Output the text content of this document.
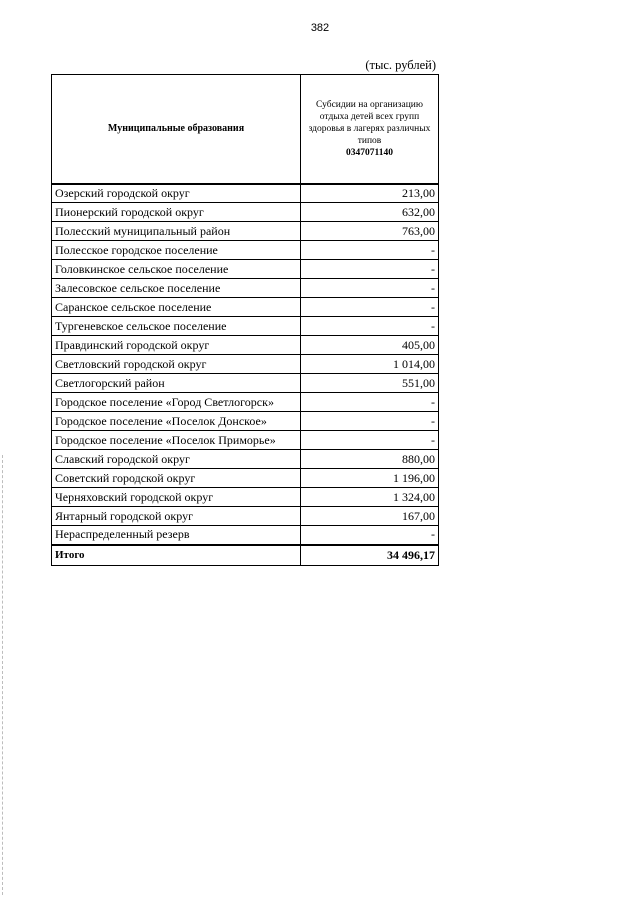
382
(тыс. рублей)
Муниципальные образования	Субсидии на организацию отдыха детей всех групп здоровья в лагерях различных типов
0347071140

Озерский городской округ	213,00
Пионерский городской округ	632,00
Полесский муниципальный район	763,00
Полесское городское поселение	-
Головкинское сельское поселение	-
Залесовское сельское поселение	-
Саранское сельское поселение	-
Тургеневское сельское поселение	-
Правдинский городской округ	405,00
Светловский городской округ	1 014,00
Светлогорский район	551,00
Городское поселение «Город Светлогорск»	-
Городское поселение «Поселок Донское»	-
Городское поселение «Поселок Приморье»	-
Славский городской округ	880,00
Советский городской округ	1 196,00
Черняховский городской округ	1 324,00
Янтарный городской округ	167,00
Нераспределенный резерв	-
Итого	34 496,17
